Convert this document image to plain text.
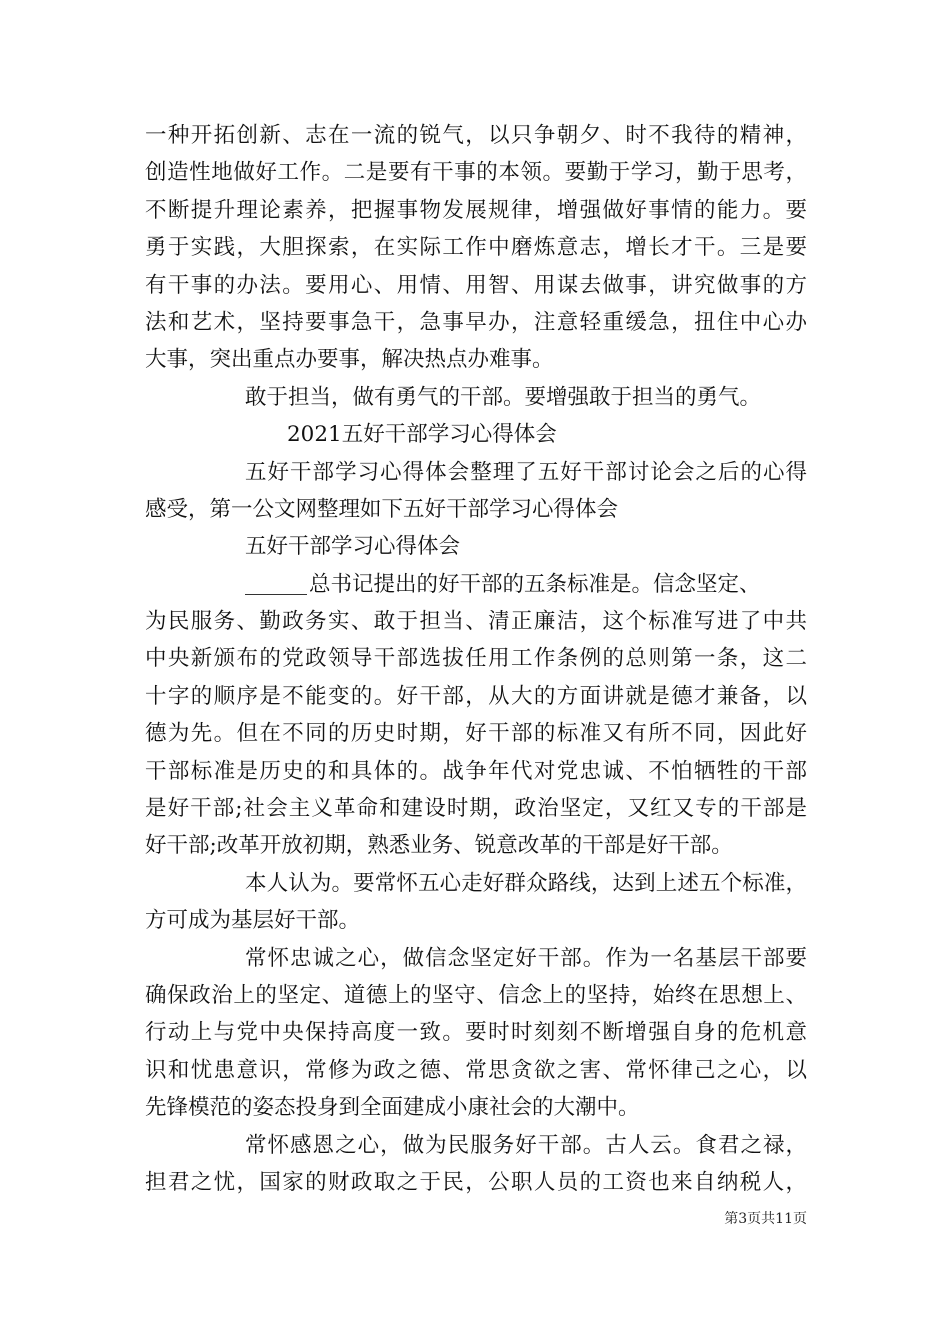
一种开拓创新、志在一流的锐气，以只争朝夕、时不我待的精神，
创造性地做好工作。二是要有干事的本领。要勤于学习，勤于思考，
不断提升理论素养，把握事物发展规律，增强做好事情的能力。要
勇于实践，大胆探索，在实际工作中磨炼意志，增长才干。三是要
有干事的办法。要用心、用情、用智、用谋去做事，讲究做事的方
法和艺术，坚持要事急干，急事早办，注意轻重缓急，扭住中心办
大事，突出重点办要事，解决热点办难事。
敢于担当，做有勇气的干部。要增强敢于担当的勇气。
2021五好干部学习心得体会
五好干部学习心得体会整理了五好干部讨论会之后的心得
感受，第一公文网整理如下五好干部学习心得体会
五好干部学习心得体会
总书记提出的好干部的五条标准是。信念坚定、
为民服务、勤政务实、敢于担当、清正廉洁，这个标准写进了中共
中央新颁布的党政领导干部选拔任用工作条例的总则第一条，这二
十字的顺序是不能变的。好干部，从大的方面讲就是德才兼备，以
德为先。但在不同的历史时期，好干部的标准又有所不同，因此好
干部标准是历史的和具体的。战争年代对党忠诚、不怕牺牲的干部
是好干部;社会主义革命和建设时期，政治坚定，又红又专的干部是
好干部;改革开放初期，熟悉业务、锐意改革的干部是好干部。
本人认为。要常怀五心走好群众路线，达到上述五个标准，
方可成为基层好干部。
常怀忠诚之心，做信念坚定好干部。作为一名基层干部要
确保政治上的坚定、道德上的坚守、信念上的坚持，始终在思想上、
行动上与党中央保持高度一致。要时时刻刻不断增强自身的危机意
识和忧患意识，常修为政之德、常思贪欲之害、常怀律己之心，以
先锋模范的姿态投身到全面建成小康社会的大潮中。
常怀感恩之心，做为民服务好干部。古人云。食君之禄，
担君之忧，国家的财政取之于民，公职人员的工资也来自纳税人，
第3页共11页
